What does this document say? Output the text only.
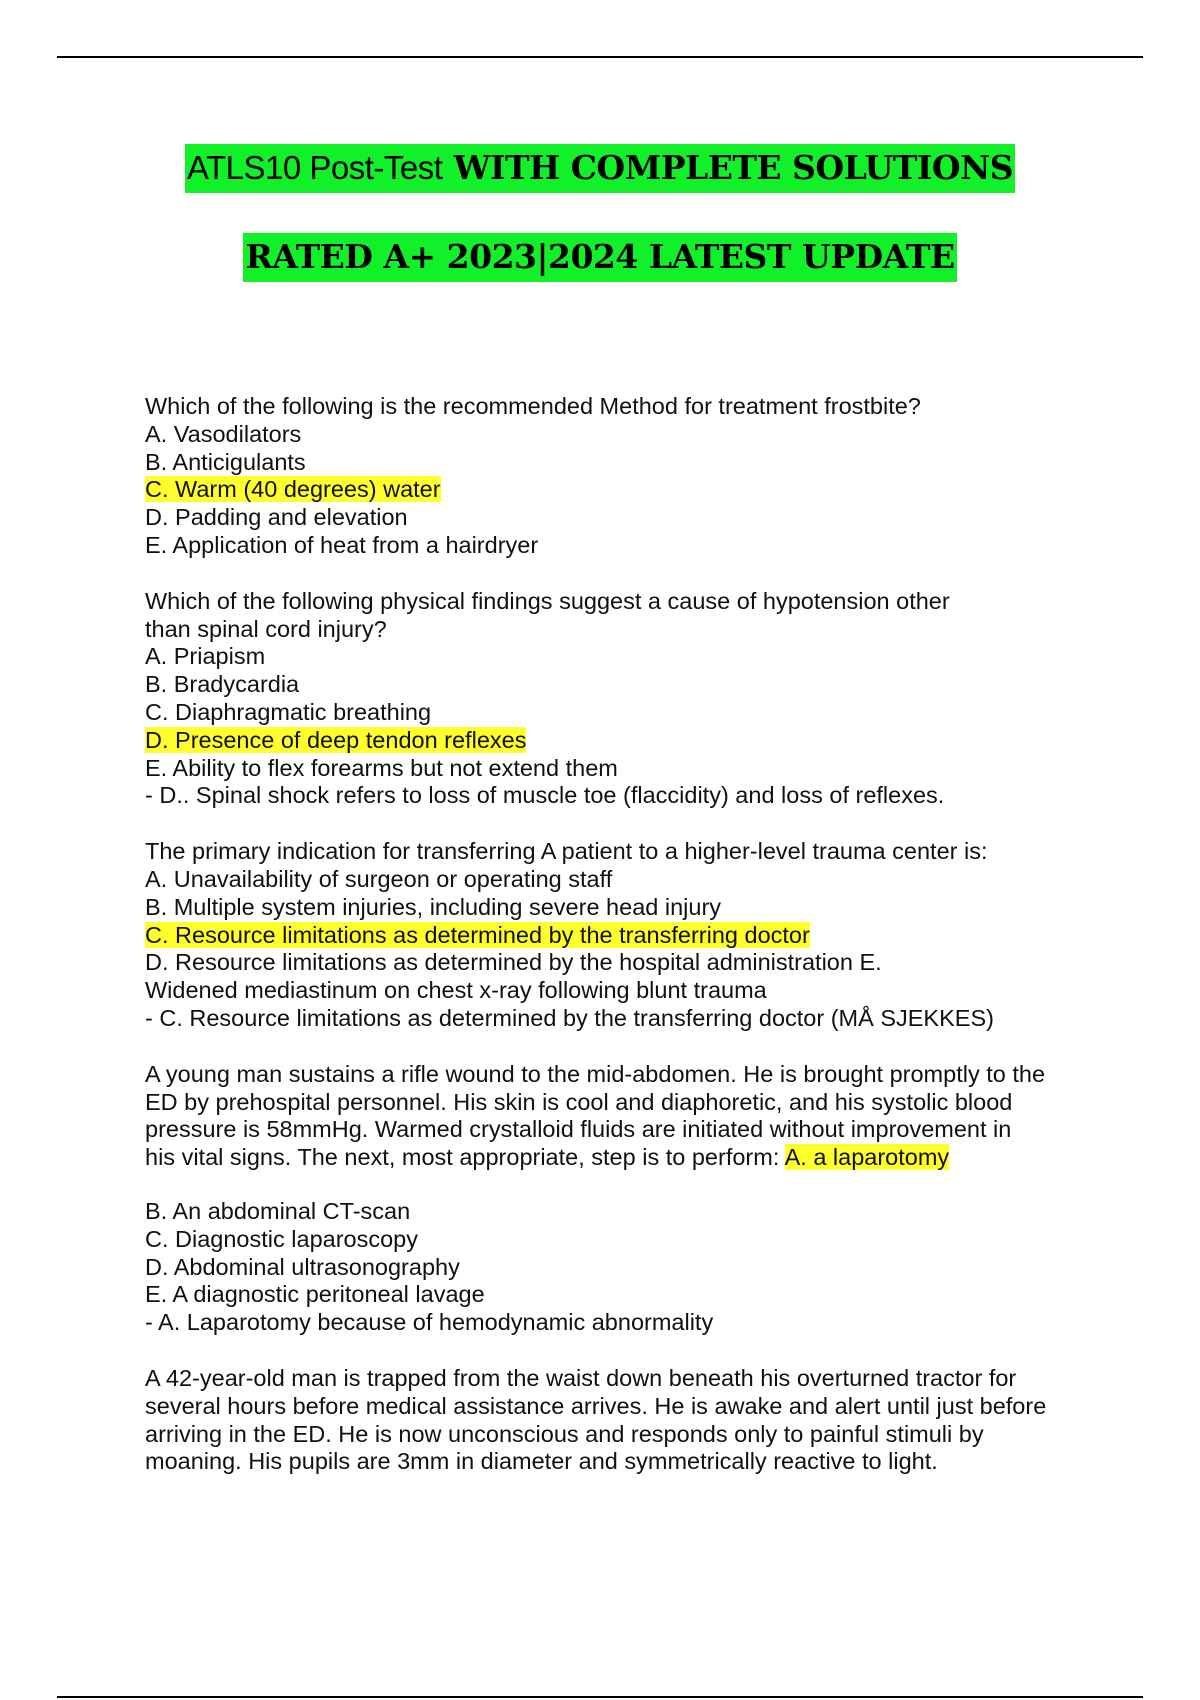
ATLS10 Post-Test WITH COMPLETE SOLUTIONS
RATED A+ 2023|2024 LATEST UPDATE
Which of the following is the recommended Method for treatment frostbite?
A. Vasodilators
B. Anticigulants
C. Warm (40 degrees) water
D. Padding and elevation
E. Application of heat from a hairdryer
Which of the following physical findings suggest a cause of hypotension other
than spinal cord injury?
A. Priapism
B. Bradycardia
C. Diaphragmatic breathing
D. Presence of deep tendon reflexes
E. Ability to flex forearms but not extend them
- D.. Spinal shock refers to loss of muscle toe (flaccidity) and loss of reflexes.
The primary indication for transferring A patient to a higher-level trauma center is:
A. Unavailability of surgeon or operating staff
B. Multiple system injuries, including severe head injury
C. Resource limitations as determined by the transferring doctor
D. Resource limitations as determined by the hospital administration E.
Widened mediastinum on chest x-ray following blunt trauma
- C. Resource limitations as determined by the transferring doctor (MÅ SJEKKES)
A young man sustains a rifle wound to the mid-abdomen. He is brought promptly to the
ED by prehospital personnel. His skin is cool and diaphoretic, and his systolic blood
pressure is 58mmHg. Warmed crystalloid fluids are initiated without improvement in
his vital signs. The next, most appropriate, step is to perform: A. a laparotomy
B. An abdominal CT-scan
C. Diagnostic laparoscopy
D. Abdominal ultrasonography
E. A diagnostic peritoneal lavage
- A. Laparotomy because of hemodynamic abnormality
A 42-year-old man is trapped from the waist down beneath his overturned tractor for
several hours before medical assistance arrives. He is awake and alert until just before
arriving in the ED. He is now unconscious and responds only to painful stimuli by
moaning. His pupils are 3mm in diameter and symmetrically reactive to light.
